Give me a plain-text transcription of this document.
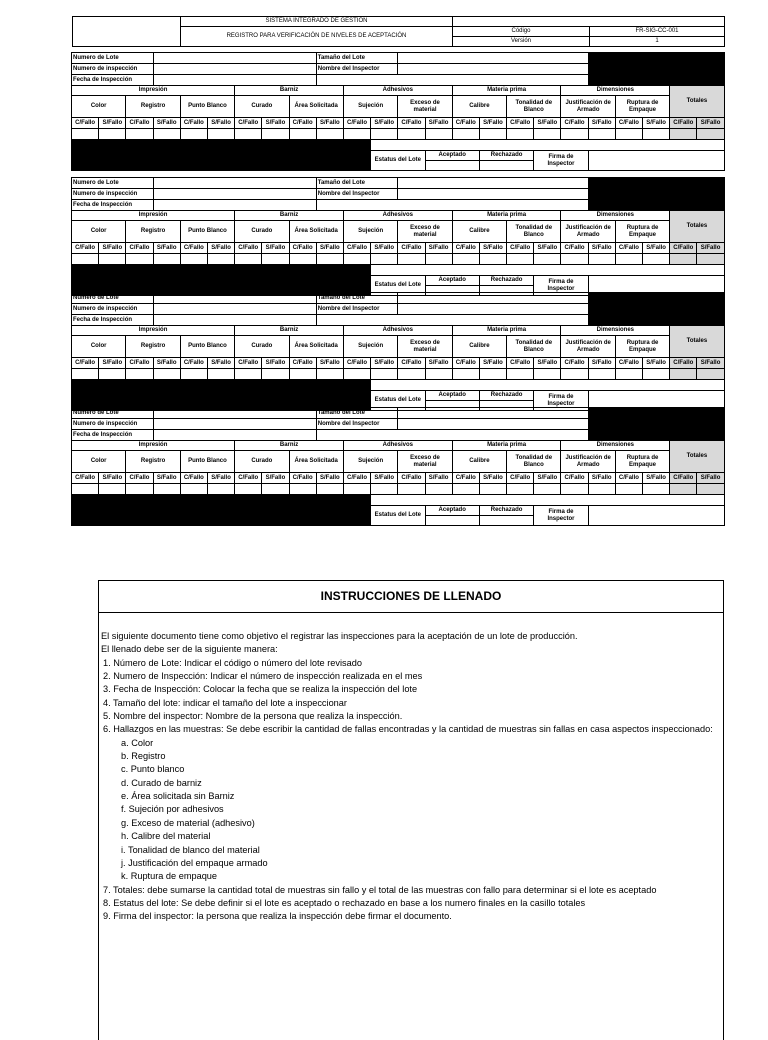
	SISTEMA INTEGRADO DE GESTIÓN		
	REGISTRO PARA VERIFICACIÓN DE NIVELES DE ACEPTACIÓN	Código	FR-SIG-CC-001
		Versión	1
Numero de Lote									Tamaño del Lote														
Numero de inspección									Nombre del Inspector														
Fecha de Inspección																							
Impresión						Barniz				Adhesivos				Materia prima				Dimensiones				Totales	
Color		Registro		Punto Blanco		Curado		Área Solicitada		Sujeción		Exceso de material		Calibre		Tonalidad de Blanco		Justificación de Armado		Ruptura de Empaque			
C/Fallo	S/Fallo	C/Fallo	S/Fallo	C/Fallo	S/Fallo	C/Fallo	S/Fallo	C/Fallo	S/Fallo	C/Fallo	S/Fallo	C/Fallo	S/Fallo	C/Fallo	S/Fallo	C/Fallo	S/Fallo	C/Fallo	S/Fallo	C/Fallo	S/Fallo	C/Fallo	S/Fallo

											Estatus del Lote		Aceptado		Rechazado		Firma de Inspector						

Numero de Lote									Tamaño del Lote														
Numero de inspección									Nombre del Inspector														
Fecha de Inspección																							
Impresión						Barniz				Adhesivos				Materia prima				Dimensiones				Totales	
Color		Registro		Punto Blanco		Curado		Área Solicitada		Sujeción		Exceso de material		Calibre		Tonalidad de Blanco		Justificación de Armado		Ruptura de Empaque			
C/Fallo	S/Fallo	C/Fallo	S/Fallo	C/Fallo	S/Fallo	C/Fallo	S/Fallo	C/Fallo	S/Fallo	C/Fallo	S/Fallo	C/Fallo	S/Fallo	C/Fallo	S/Fallo	C/Fallo	S/Fallo	C/Fallo	S/Fallo	C/Fallo	S/Fallo	C/Fallo	S/Fallo

											Estatus del Lote		Aceptado		Rechazado		Firma de Inspector						

Numero de Lote									Tamaño del Lote														
Numero de inspección									Nombre del Inspector														
Fecha de Inspección																							
Impresión						Barniz				Adhesivos				Materia prima				Dimensiones				Totales	
Color		Registro		Punto Blanco		Curado		Área Solicitada		Sujeción		Exceso de material		Calibre		Tonalidad de Blanco		Justificación de Armado		Ruptura de Empaque			
C/Fallo	S/Fallo	C/Fallo	S/Fallo	C/Fallo	S/Fallo	C/Fallo	S/Fallo	C/Fallo	S/Fallo	C/Fallo	S/Fallo	C/Fallo	S/Fallo	C/Fallo	S/Fallo	C/Fallo	S/Fallo	C/Fallo	S/Fallo	C/Fallo	S/Fallo	C/Fallo	S/Fallo

											Estatus del Lote		Aceptado		Rechazado		Firma de Inspector						

Numero de Lote									Tamaño del Lote														
Numero de inspección									Nombre del Inspector														
Fecha de Inspección																							
Impresión						Barniz				Adhesivos				Materia prima				Dimensiones				Totales	
Color		Registro		Punto Blanco		Curado		Área Solicitada		Sujeción		Exceso de material		Calibre		Tonalidad de Blanco		Justificación de Armado		Ruptura de Empaque			
C/Fallo	S/Fallo	C/Fallo	S/Fallo	C/Fallo	S/Fallo	C/Fallo	S/Fallo	C/Fallo	S/Fallo	C/Fallo	S/Fallo	C/Fallo	S/Fallo	C/Fallo	S/Fallo	C/Fallo	S/Fallo	C/Fallo	S/Fallo	C/Fallo	S/Fallo	C/Fallo	S/Fallo

											Estatus del Lote		Aceptado		Rechazado		Firma de Inspector						

INSTRUCCIONES DE LLENADO

El siguiente documento tiene como objetivo el registrar las inspecciones para la aceptación de un lote de producción.

El llenado debe ser de la siguiente manera:

1. Número de Lote: Indicar el código o número del lote revisado

2. Numero de Inspección: Indicar el número de inspección realizada en el mes

3. Fecha de Inspección: Colocar la fecha que se realiza la inspección del lote

4. Tamaño del lote: indicar el tamaño del lote a inspeccionar

5. Nombre del inspector: Nombre de la persona que realiza la inspección.

6. Hallazgos en las muestras: Se debe escribir la cantidad de fallas encontradas y la cantidad de muestras sin fallas en casa aspectos inspeccionado:

a. Color

b. Registro

c. Punto blanco

d. Curado de barniz

e. Área solicitada sin Barniz

f. Sujeción por adhesivos

g. Exceso de material (adhesivo)

h. Calibre del material

i. Tonalidad de blanco del material

j. Justificación del empaque armado

k. Ruptura de empaque

7. Totales: debe sumarse la cantidad total de muestras sin fallo y el total de las muestras con fallo para determinar si el lote es aceptado

8. Estatus del lote: Se debe definir si el lote es aceptado o rechazado en base a los numero finales en la casillo totales

9. Firma del inspector: la persona que realiza la inspección debe firmar el documento.
